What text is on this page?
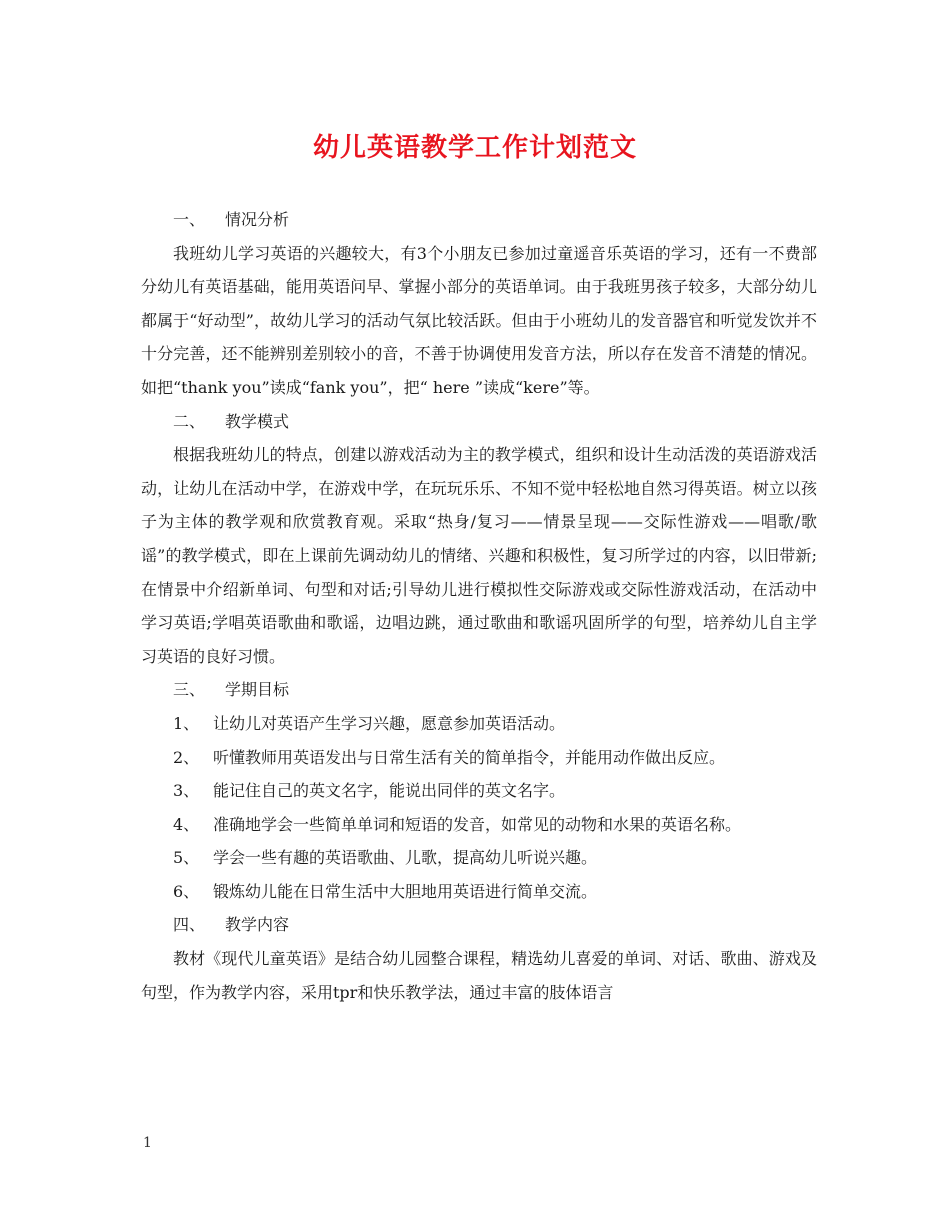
幼儿英语教学工作计划范文

一、 情况分析

我班幼儿学习英语的兴趣较大，有3个小朋友已参加过童遥音乐英语的学习，还有一不费部分幼儿有英语基础，能用英语问早、掌握小部分的英语单词。由于我班男孩子较多，大部分幼儿都属于“好动型”，故幼儿学习的活动气氛比较活跃。但由于小班幼儿的发音器官和听觉发饮并不十分完善，还不能辨别差别较小的音，不善于协调使用发音方法，所以存在发音不清楚的情况。如把“thank you”读成“fank you”，把“ here ”读成“kere”等。

二、 教学模式

根据我班幼儿的特点，创建以游戏活动为主的教学模式，组织和设计生动活泼的英语游戏活动，让幼儿在活动中学，在游戏中学，在玩玩乐乐、不知不觉中轻松地自然习得英语。树立以孩子为主体的教学观和欣赏教育观。采取“热身/复习——情景呈现——交际性游戏——唱歌/歌谣”的教学模式，即在上课前先调动幼儿的情绪、兴趣和积极性，复习所学过的内容，以旧带新;在情景中介绍新单词、句型和对话;引导幼儿进行模拟性交际游戏或交际性游戏活动，在活动中学习英语;学唱英语歌曲和歌谣，边唱边跳，通过歌曲和歌谣巩固所学的句型，培养幼儿自主学习英语的良好习惯。

三、 学期目标

1、 让幼儿对英语产生学习兴趣，愿意参加英语活动。

2、 听懂教师用英语发出与日常生活有关的简单指令，并能用动作做出反应。

3、 能记住自己的英文名字，能说出同伴的英文名字。

4、 准确地学会一些简单单词和短语的发音，如常见的动物和水果的英语名称。

5、 学会一些有趣的英语歌曲、儿歌，提高幼儿听说兴趣。

6、 锻炼幼儿能在日常生活中大胆地用英语进行简单交流。

四、 教学内容

教材《现代儿童英语》是结合幼儿园整合课程，精选幼儿喜爱的单词、对话、歌曲、游戏及句型，作为教学内容，采用tpr和快乐教学法，通过丰富的肢体语言

1
